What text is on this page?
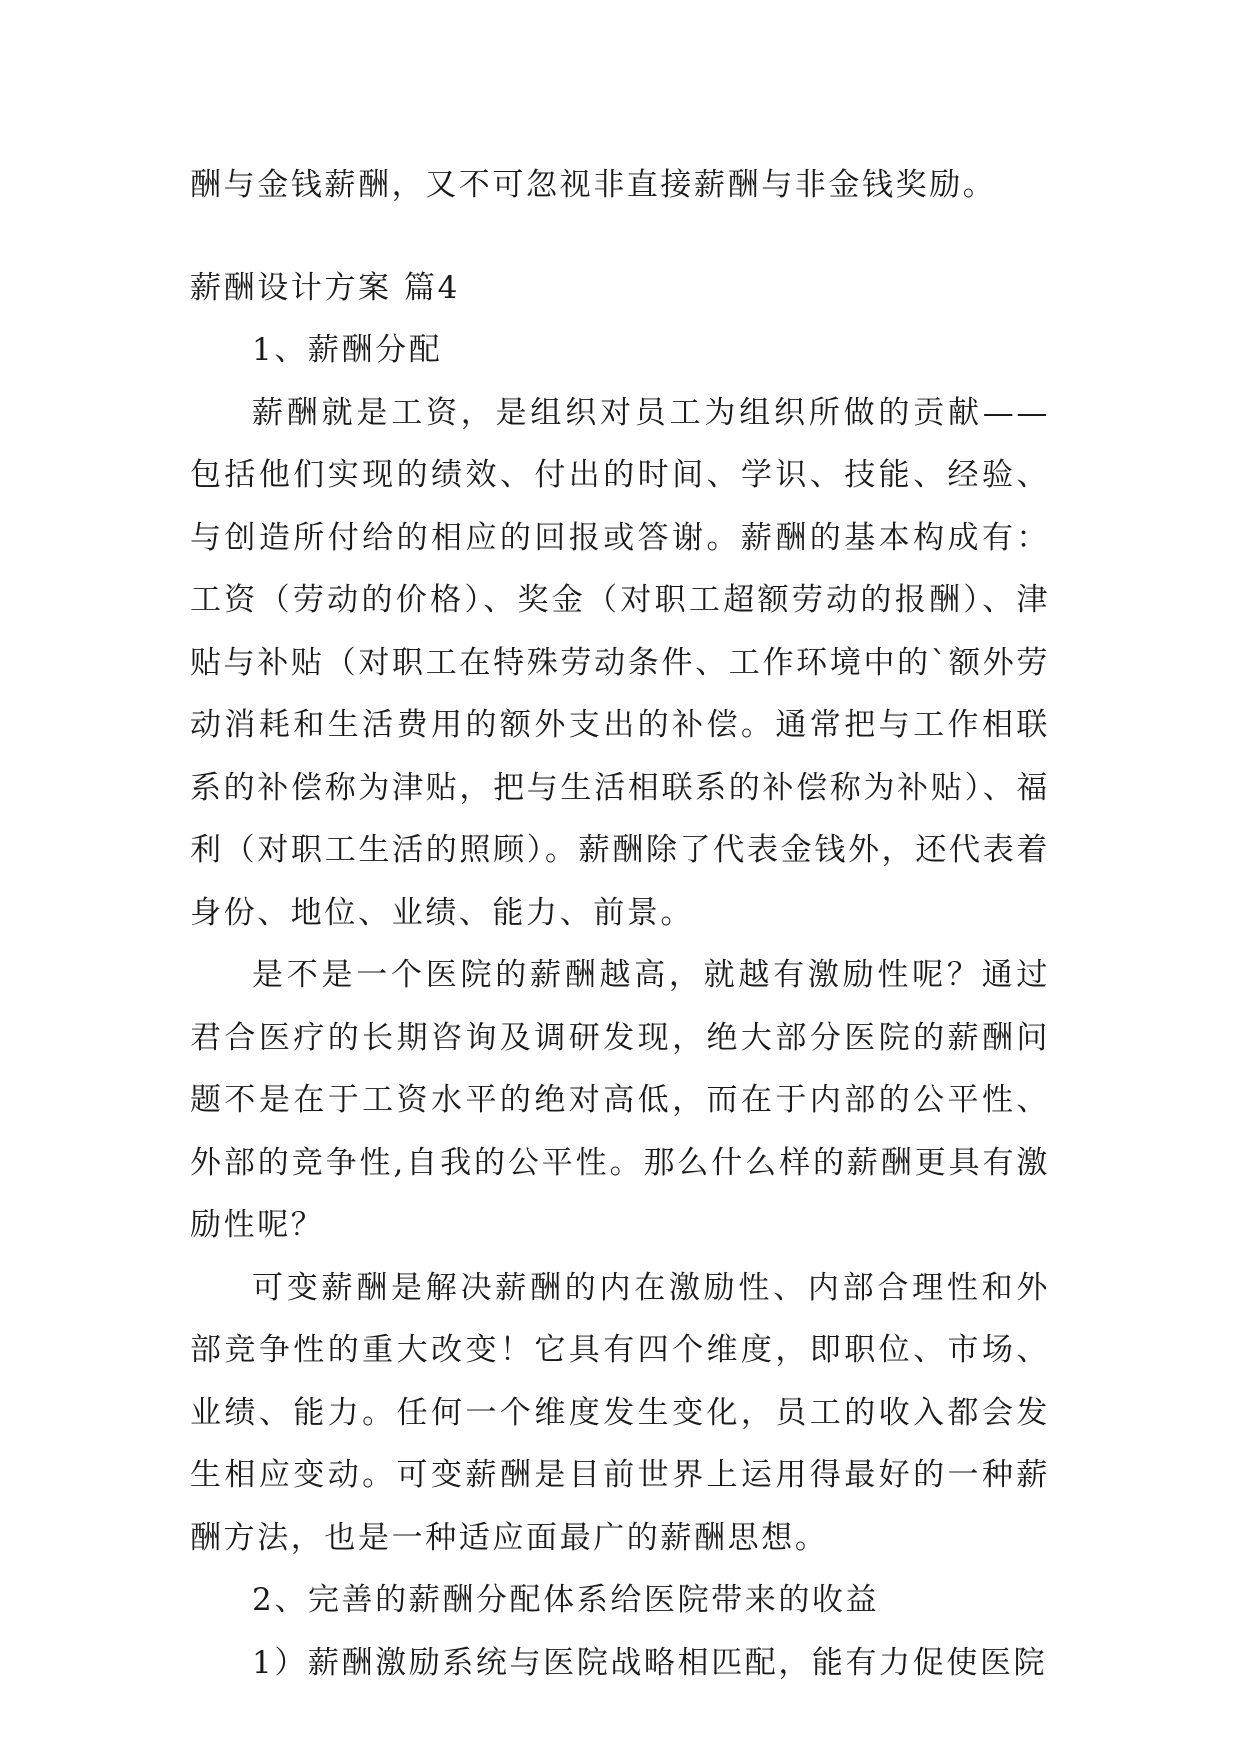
酬与金钱薪酬，又不可忽视非直接薪酬与非金钱奖励。

薪酬设计方案 篇4

1、薪酬分配

薪酬就是工资，是组织对员工为组织所做的贡献——包括他们实现的绩效、付出的时间、学识、技能、经验、与创造所付给的相应的回报或答谢。薪酬的基本构成有：工资（劳动的价格）、奖金（对职工超额劳动的报酬）、津贴与补贴（对职工在特殊劳动条件、工作环境中的`额外劳动消耗和生活费用的额外支出的补偿。通常把与工作相联系的补偿称为津贴，把与生活相联系的补偿称为补贴）、福利（对职工生活的照顾）。薪酬除了代表金钱外，还代表着身份、地位、业绩、能力、前景。

是不是一个医院的薪酬越高，就越有激励性呢？通过君合医疗的长期咨询及调研发现，绝大部分医院的薪酬问题不是在于工资水平的绝对高低，而在于内部的公平性、外部的竞争性,自我的公平性。那么什么样的薪酬更具有激励性呢？

可变薪酬是解决薪酬的内在激励性、内部合理性和外部竞争性的重大改变！它具有四个维度，即职位、市场、业绩、能力。任何一个维度发生变化，员工的收入都会发生相应变动。可变薪酬是目前世界上运用得最好的一种薪酬方法，也是一种适应面最广的薪酬思想。

2、完善的薪酬分配体系给医院带来的收益

1）薪酬激励系统与医院战略相匹配，能有力促使医院
